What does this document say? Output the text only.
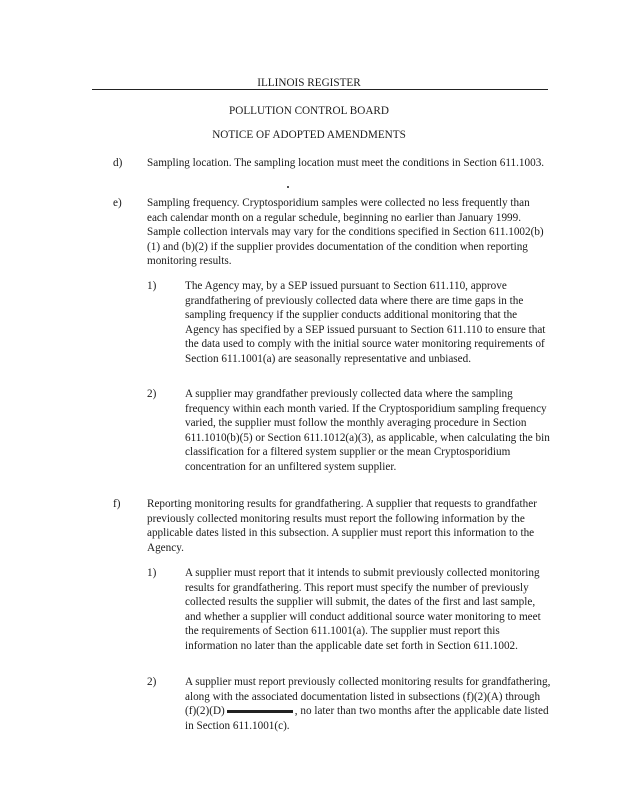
ILLINOIS REGISTER
POLLUTION CONTROL BOARD
NOTICE OF ADOPTED AMENDMENTS
d) Sampling location. The sampling location must meet the conditions in Section 611.1003.
e) Sampling frequency. Cryptosporidium samples were collected no less frequently than each calendar month on a regular schedule, beginning no earlier than January 1999. Sample collection intervals may vary for the conditions specified in Section 611.1002(b)(1) and (b)(2) if the supplier provides documentation of the condition when reporting monitoring results.
1)	The Agency may, by a SEP issued pursuant to Section 611.110, approve grandfathering of previously collected data where there are time gaps in the sampling frequency if the supplier conducts additional monitoring that the Agency has specified by a SEP issued pursuant to Section 611.110 to ensure that the data used to comply with the initial source water monitoring requirements of Section 611.1001(a) are seasonally representative and unbiased.
2)	A supplier may grandfather previously collected data where the sampling frequency within each month varied. If the Cryptosporidium sampling frequency varied, the supplier must follow the monthly averaging procedure in Section 611.1010(b)(5) or Section 611.1012(a)(3), as applicable, when calculating the bin classification for a filtered system supplier or the mean Cryptosporidium concentration for an unfiltered system supplier.
f) Reporting monitoring results for grandfathering. A supplier that requests to grandfather previously collected monitoring results must report the following information by the applicable dates listed in this subsection. A supplier must report this information to the Agency.
1)	A supplier must report that it intends to submit previously collected monitoring results for grandfathering. This report must specify the number of previously collected results the supplier will submit, the dates of the first and last sample, and whether a supplier will conduct additional source water monitoring to meet the requirements of Section 611.1001(a). The supplier must report this information no later than the applicable date set forth in Section 611.1002.
2)	A supplier must report previously collected monitoring results for grandfathering, along with the associated documentation listed in subsections (f)(2)(A) through (f)(2)(D)	, no later than two months after the applicable date listed in Section 611.1001(c).
